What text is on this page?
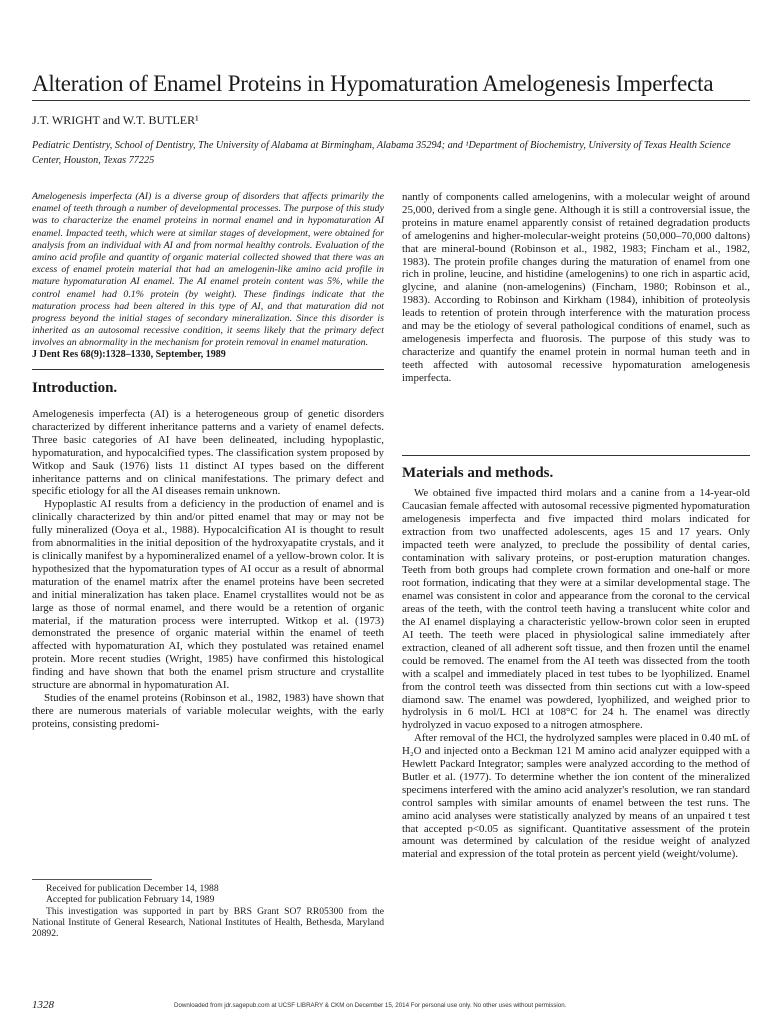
Alteration of Enamel Proteins in Hypomaturation Amelogenesis Imperfecta
J.T. WRIGHT and W.T. BUTLER¹
Pediatric Dentistry, School of Dentistry, The University of Alabama at Birmingham, Alabama 35294; and ¹Department of Biochemistry, University of Texas Health Science Center, Houston, Texas 77225

Amelogenesis imperfecta (AI) is a diverse group of disorders that affects primarily the enamel of teeth through a number of developmental processes. The purpose of this study was to characterize the enamel proteins in normal enamel and in hypomaturation AI enamel. Impacted teeth, which were at similar stages of development, were obtained for analysis from an individual with AI and from normal healthy controls. Evaluation of the amino acid profile and quantity of organic material collected showed that there was an excess of enamel protein material that had an amelogenin-like amino acid profile in mature hypomaturation AI enamel. The AI enamel protein content was 5%, while the control enamel had 0.1% protein (by weight). These findings indicate that the maturation process had been altered in this type of AI, and that maturation did not progress beyond the initial stages of secondary mineralization. Since this disorder is inherited as an autosomal recessive condition, it seems likely that the primary defect involves an abnormality in the mechanism for protein removal in enamel maturation.

J Dent Res 68(9):1328–1330, September, 1989
Introduction.

Amelogenesis imperfecta (AI) is a heterogeneous group of genetic disorders characterized by different inheritance patterns and a variety of enamel defects. Three basic categories of AI have been delineated, including hypoplastic, hypomaturation, and hypocalcified types. The classification system proposed by Witkop and Sauk (1976) lists 11 distinct AI types based on the different inheritance patterns and on clinical manifestations. The primary defect and specific etiology for all the AI diseases remain unknown.

Hypoplastic AI results from a deficiency in the production of enamel and is clinically characterized by thin and/or pitted enamel that may or may not be fully mineralized (Ooya et al., 1988). Hypocalcification AI is thought to result from abnormalities in the initial deposition of the hydroxyapatite crystals, and it is clinically manifest by a hypomineralized enamel of a yellow-brown color. It is hypothesized that the hypomaturation types of AI occur as a result of abnormal maturation of the enamel matrix after the enamel proteins have been secreted and initial mineralization has taken place. Enamel crystallites would not be as large as those of normal enamel, and there would be a retention of organic material, if the maturation process were interrupted. Witkop et al. (1973) demonstrated the presence of organic material within the enamel of teeth affected with hypomaturation AI, which they postulated was retained enamel protein. More recent studies (Wright, 1985) have confirmed this histological finding and have shown that both the enamel prism structure and crystallite structure are abnormal in hypomaturation AI.

Studies of the enamel proteins (Robinson et al., 1982, 1983) have shown that there are numerous materials of variable molecular weights, with the early proteins, consisting predomi-

nantly of components called amelogenins, with a molecular weight of around 25,000, derived from a single gene. Although it is still a controversial issue, the proteins in mature enamel apparently consist of retained degradation products of amelogenins and higher-molecular-weight proteins (50,000–70,000 daltons) that are mineral-bound (Robinson et al., 1982, 1983; Fincham et al., 1982, 1983). The protein profile changes during the maturation of enamel from one rich in proline, leucine, and histidine (amelogenins) to one rich in aspartic acid, glycine, and alanine (non-amelogenins) (Fincham, 1980; Robinson et al., 1983). According to Robinson and Kirkham (1984), inhibition of proteolysis leads to retention of protein through interference with the maturation process and may be the etiology of several pathological conditions of enamel, such as amelogenesis imperfecta and fluorosis. The purpose of this study was to characterize and quantify the enamel protein in normal human teeth and in teeth affected with autosomal recessive hypomaturation amelogenesis imperfecta.

Materials and methods.

We obtained five impacted third molars and a canine from a 14-year-old Caucasian female affected with autosomal recessive pigmented hypomaturation amelogenesis imperfecta and five impacted third molars indicated for extraction from two unaffected adolescents, ages 15 and 17 years. Only impacted teeth were analyzed, to preclude the possibility of dental caries, contamination with salivary proteins, or post-eruption maturation changes. Teeth from both groups had complete crown formation and one-half or more root formation, indicating that they were at a similar developmental stage. The enamel was consistent in color and appearance from the coronal to the cervical areas of the teeth, with the control teeth having a translucent white color and the AI enamel displaying a characteristic yellow-brown color seen in erupted AI teeth. The teeth were placed in physiological saline immediately after extraction, cleaned of all adherent soft tissue, and then frozen until the enamel could be removed. The enamel from the AI teeth was dissected from the tooth with a scalpel and immediately placed in test tubes to be lyophilized. Enamel from the control teeth was dissected from thin sections cut with a low-speed diamond saw. The enamel was powdered, lyophilized, and weighed prior to hydrolysis in 6 mol/L HCl at 108°C for 24 h. The enamel was directly hydrolyzed in vacuo exposed to a nitrogen atmosphere.

After removal of the HCl, the hydrolyzed samples were placed in 0.40 mL of H₂O and injected onto a Beckman 121 M amino acid analyzer equipped with a Hewlett Packard Integrator; samples were analyzed according to the method of Butler et al. (1977). To determine whether the ion content of the mineralized specimens interfered with the amino acid analyzer's resolution, we ran standard control samples with similar amounts of enamel between the test runs. The amino acid analyses were statistically analyzed by means of an unpaired t test that accepted p<0.05 as significant. Quantitative assessment of the protein amount was determined by calculation of the residue weight of analyzed material and expression of the total protein as percent yield (weight/volume).

Received for publication December 14, 1988

Accepted for publication February 14, 1989

This investigation was supported in part by BRS Grant SO7 RR05300 from the National Institute of General Research, National Institutes of Health, Bethesda, Maryland 20892.

1328	Downloaded from jdr.sagepub.com at UCSF LIBRARY & CKM on December 15, 2014 For personal use only. No other uses without permission.
